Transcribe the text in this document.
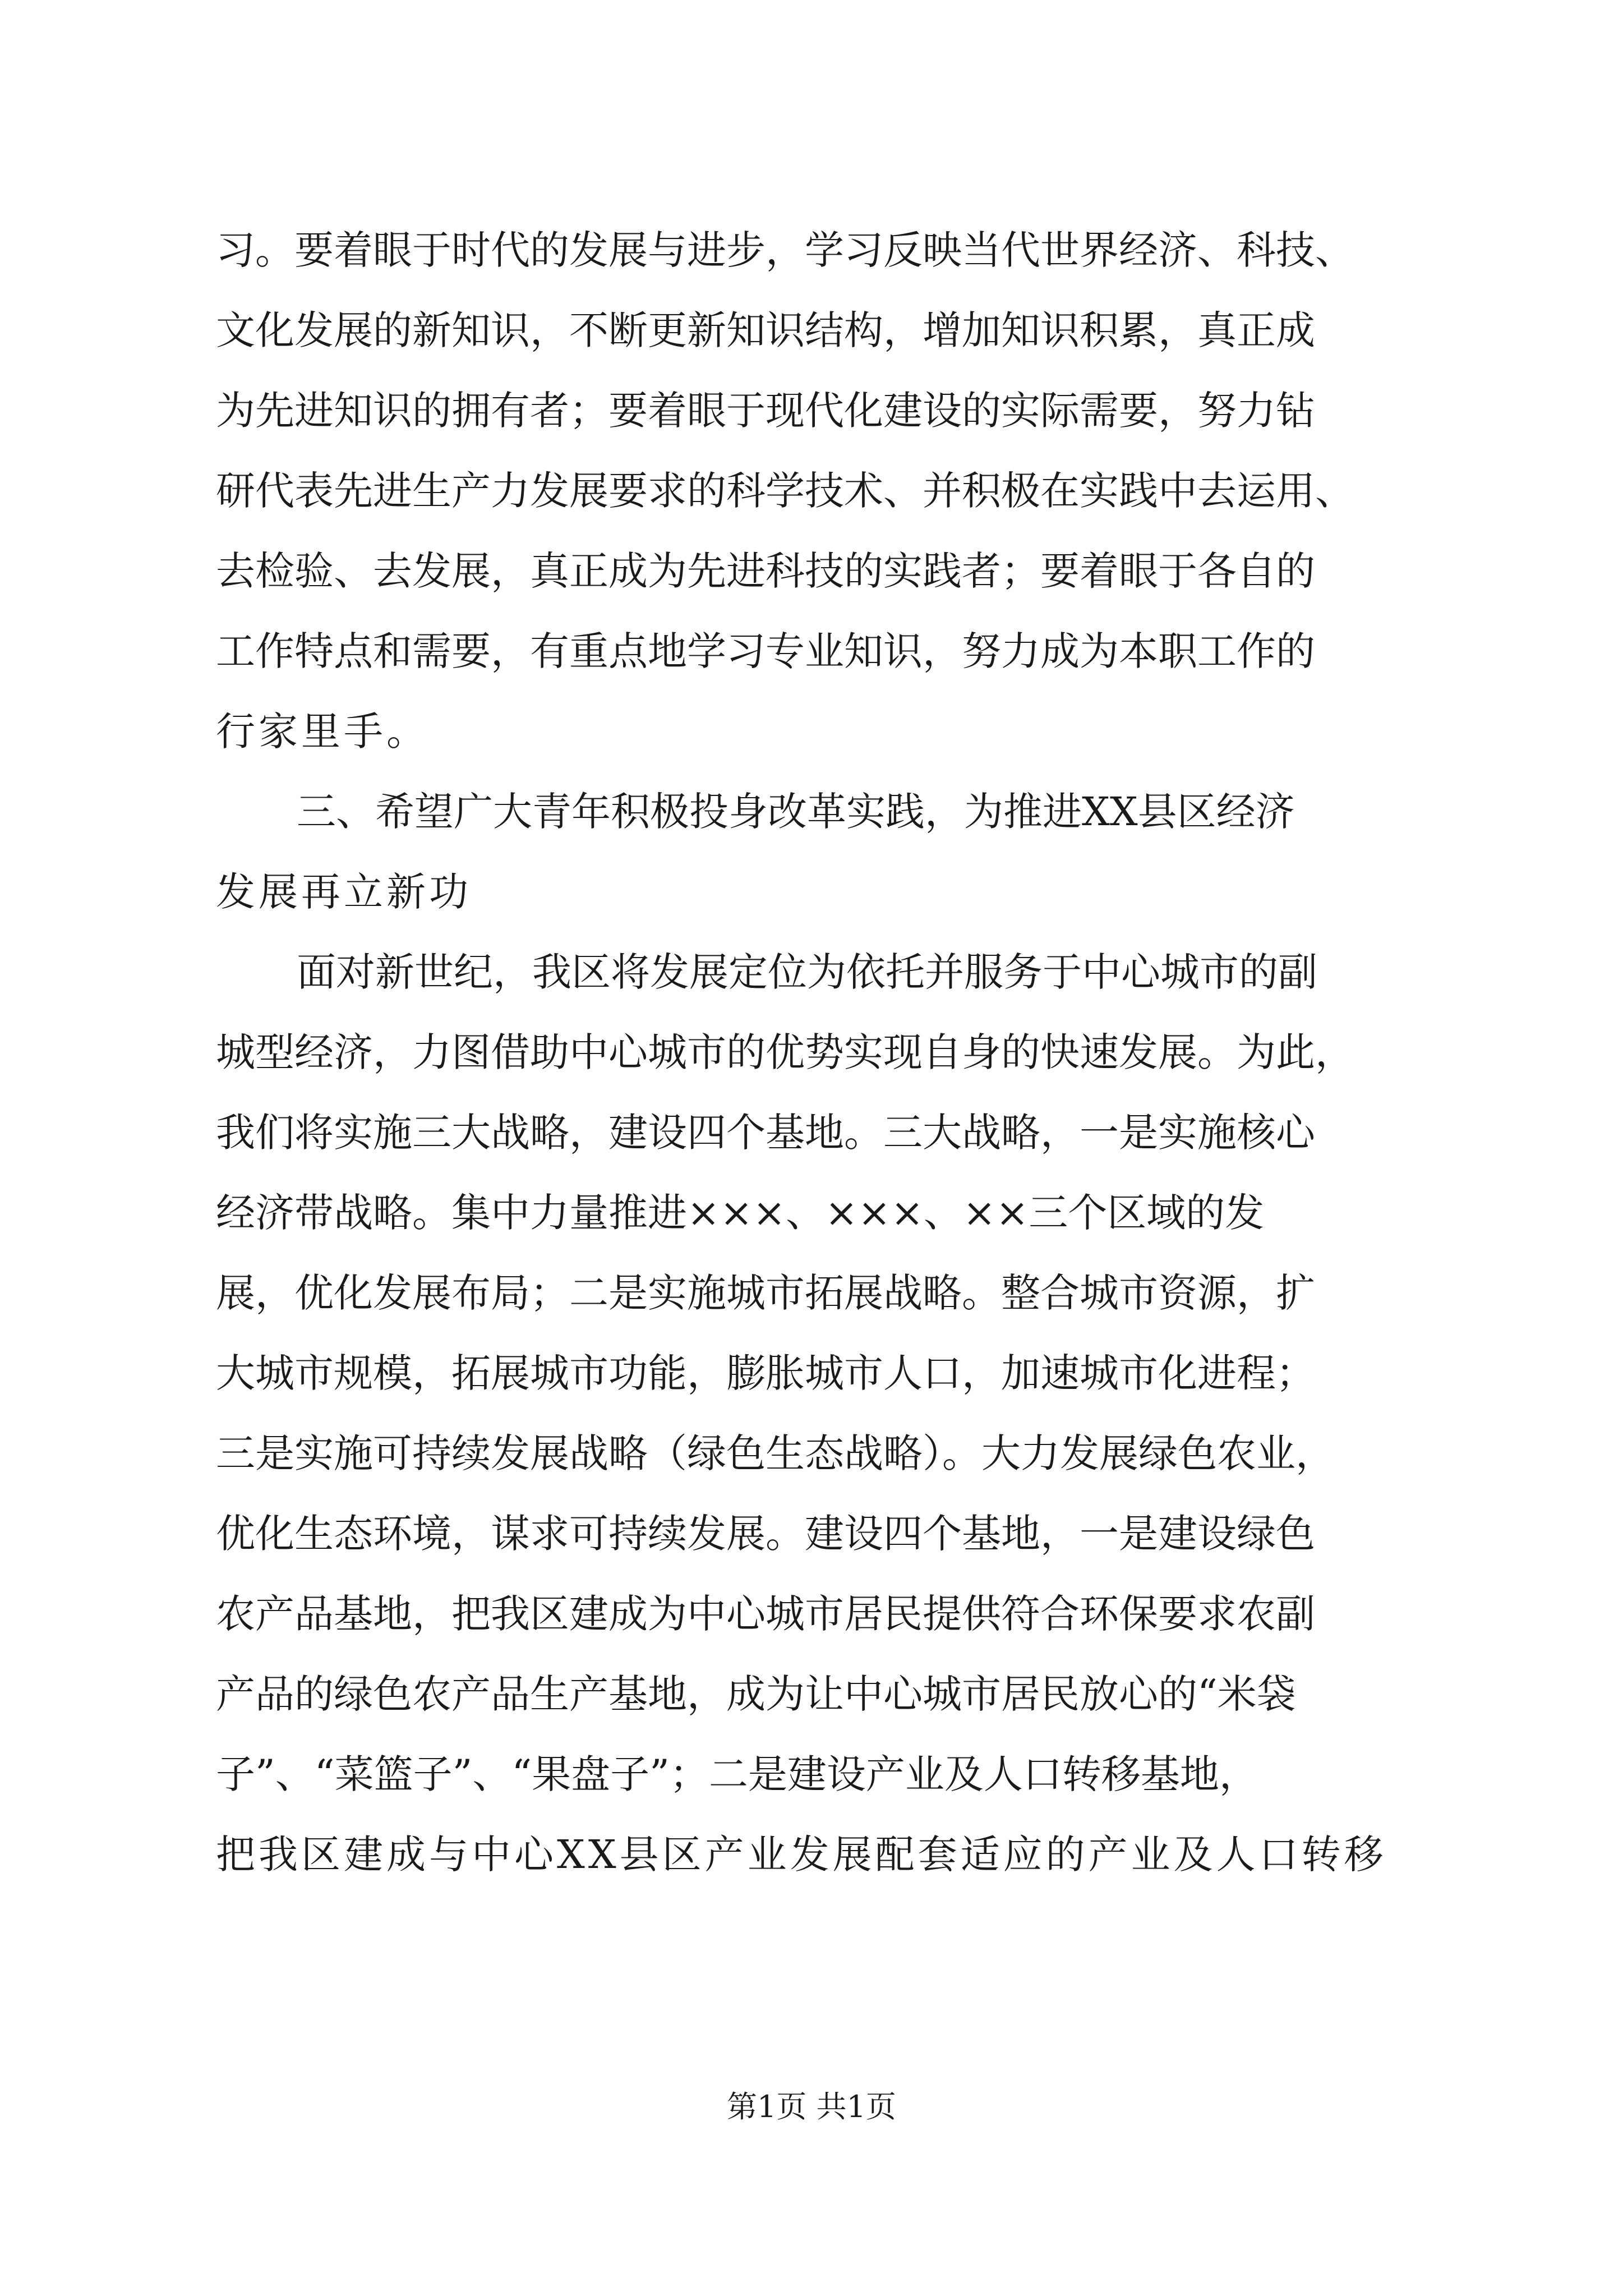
习。要着眼于时代的发展与进步，学习反映当代世界经济、科技、
文化发展的新知识，不断更新知识结构，增加知识积累，真正成
为先进知识的拥有者；要着眼于现代化建设的实际需要，努力钻
研代表先进生产力发展要求的科学技术、并积极在实践中去运用、
去检验、去发展，真正成为先进科技的实践者；要着眼于各自的
工作特点和需要，有重点地学习专业知识，努力成为本职工作的
行家里手。
三、希望广大青年积极投身改革实践，为推进XX县区经济
发展再立新功
面对新世纪，我区将发展定位为依托并服务于中心城市的副
城型经济，力图借助中心城市的优势实现自身的快速发展。为此，
我们将实施三大战略，建设四个基地。三大战略，一是实施核心
经济带战略。集中力量推进×××、×××、××三个区域的发
展，优化发展布局；二是实施城市拓展战略。整合城市资源，扩
大城市规模，拓展城市功能，膨胀城市人口，加速城市化进程；
三是实施可持续发展战略（绿色生态战略）。大力发展绿色农业，
优化生态环境，谋求可持续发展。建设四个基地，一是建设绿色
农产品基地，把我区建成为中心城市居民提供符合环保要求农副
产品的绿色农产品生产基地，成为让中心城市居民放心的“米袋
子”、“菜篮子”、“果盘子”；二是建设产业及人口转移基地，
把我区建成与中心XX县区产业发展配套适应的产业及人口转移
第1页 共1页
